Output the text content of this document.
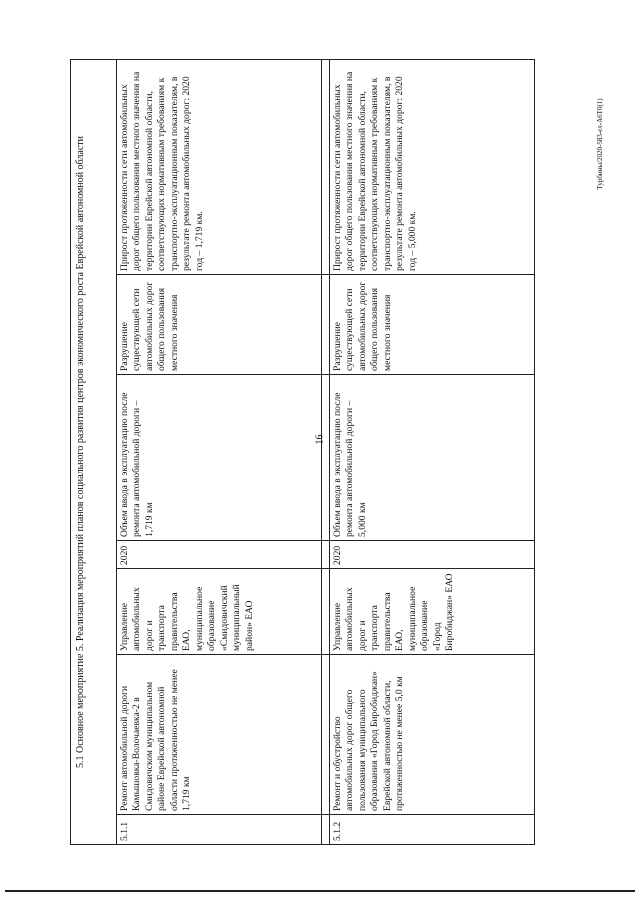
16
5.1 Основное мероприятие 5. Реализация мероприятий планов социального развития центров экономического роста Еврейской автономной области						
5.1.1	Ремонт автомобильной дороги Камышовка-Волочаевка-2 в Смидовичском муниципальном районе Еврейской автономной области протяженностью не менее 1,719 км	Управление автомобильных дорог и транспорта правительства ЕАО, муниципальное образование «Смидовичский муниципальный район» ЕАО	2020	Объем ввода в эксплуатацию после ремонта автомобильной дороги – 1,719 км	Разрушение существующей сети автомобильных дорог общего пользования местного значения	Прирост протяженности сети автомобильных дорог общего пользования местного значения на территории Еврейской автономной области, соответствующих нормативным требованиям к транспортно-эксплуатационным показателям, в результате ремонта автомобильных дорог: 2020 год – 1,719 км.

5.1.2	Ремонт и обустройство автомобильных дорог общего пользования муниципального образования «Город Биробиджан» Еврейской автономной области, протяженностью не менее 5,0 км	Управление автомобильных дорог и транспорта правительства ЕАО, муниципальное образование «Город Биробиджан» ЕАО	2020	Объем ввода в эксплуатацию после ремонта автомобильной дороги – 5,000 км	Разрушение существующей сети автомобильных дорог общего пользования местного значения	Прирост протяженности сети автомобильных дорог общего пользования местного значения на территории Еврейской автономной области, соответствующих нормативным требованиям к транспортно-эксплуатационным показателям, в результате ремонта автомобильных дорог: 2020 год – 5,000 км.
Турбины/2020-583-ел-А6Т0(1)
